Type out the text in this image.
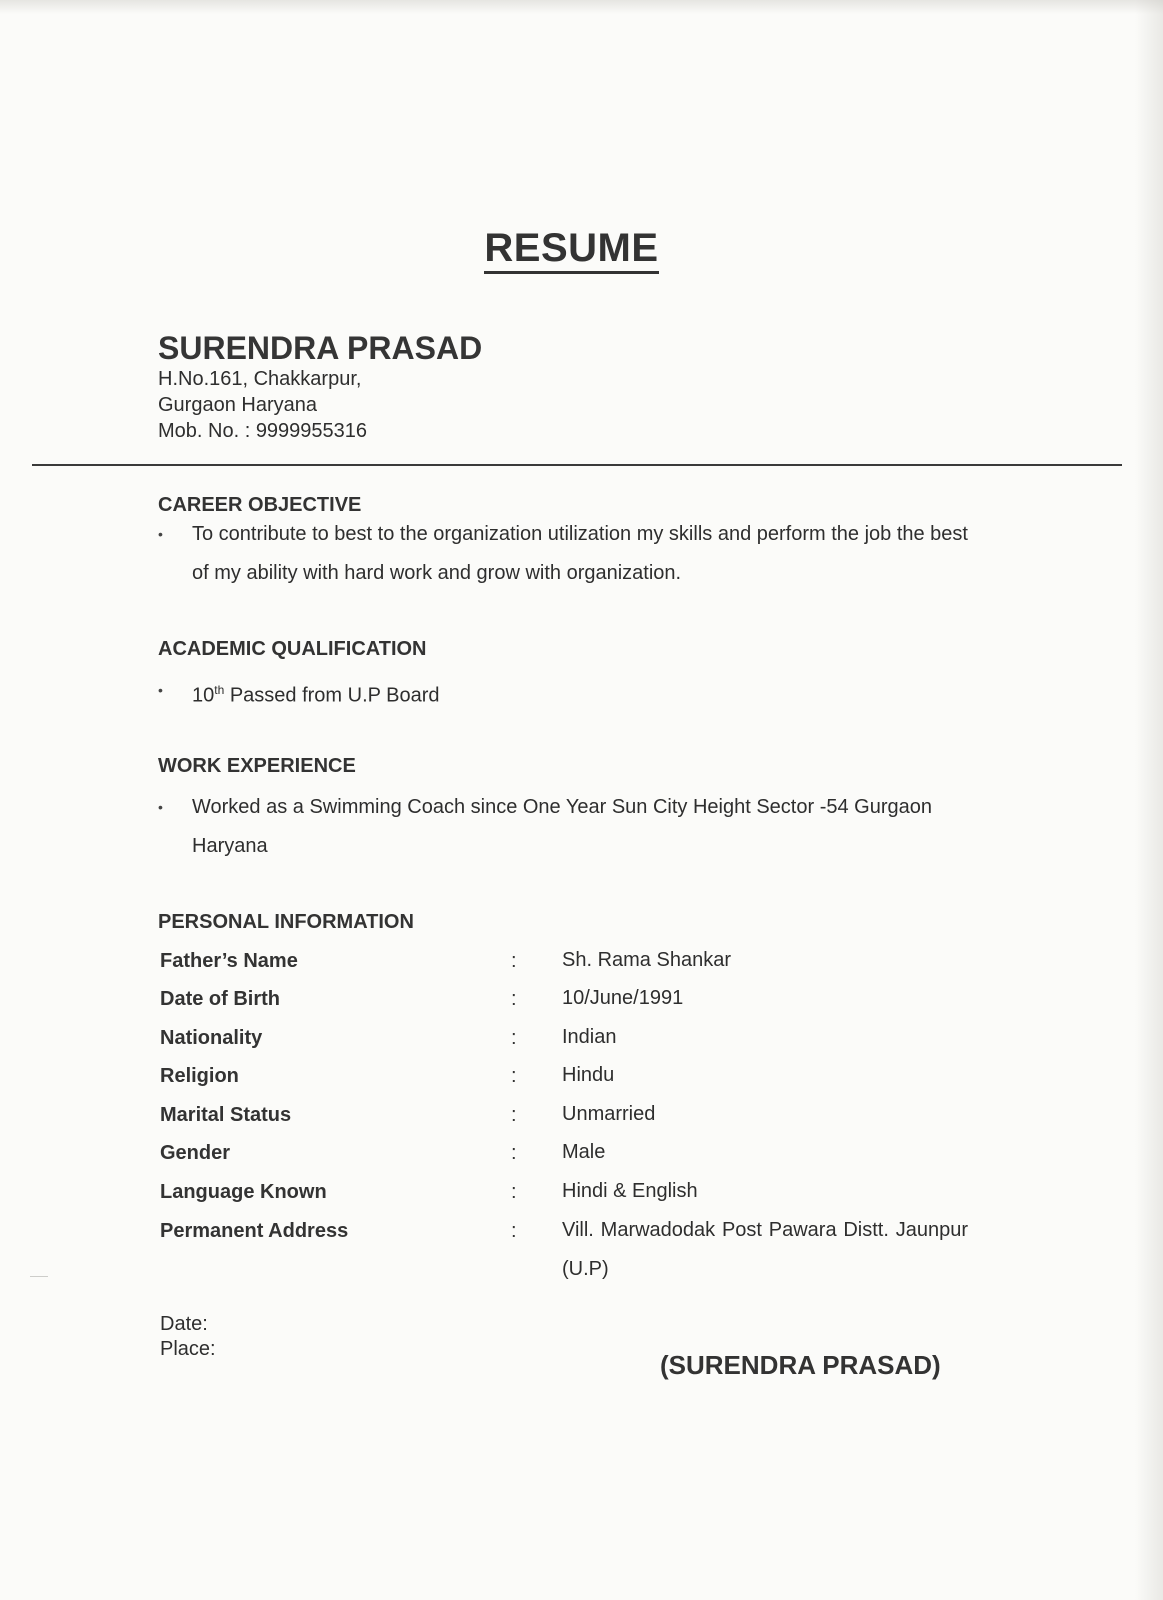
RESUME
SURENDRA PRASAD
H.No.161, Chakkarpur,
Gurgaon Haryana
Mob. No. : 9999955316
CAREER OBJECTIVE
• To contribute to best to the organization utilization my skills and perform the job the best of my ability with hard work and grow with organization.
ACADEMIC QUALIFICATION
• 10th Passed from U.P Board
WORK EXPERIENCE
• Worked as a Swimming Coach since One Year Sun City Height Sector -54 Gurgaon Haryana
PERSONAL INFORMATION
Father’s Name	: Sh. Rama Shankar
Date of Birth	: 10/June/1991
Nationality	: Indian
Religion	: Hindu
Marital Status	: Unmarried
Gender	: Male
Language Known	: Hindi & English
Permanent Address	: Vill. Marwadodak Post Pawara Distt. Jaunpur (U.P)
Date:
Place:
(SURENDRA PRASAD)
